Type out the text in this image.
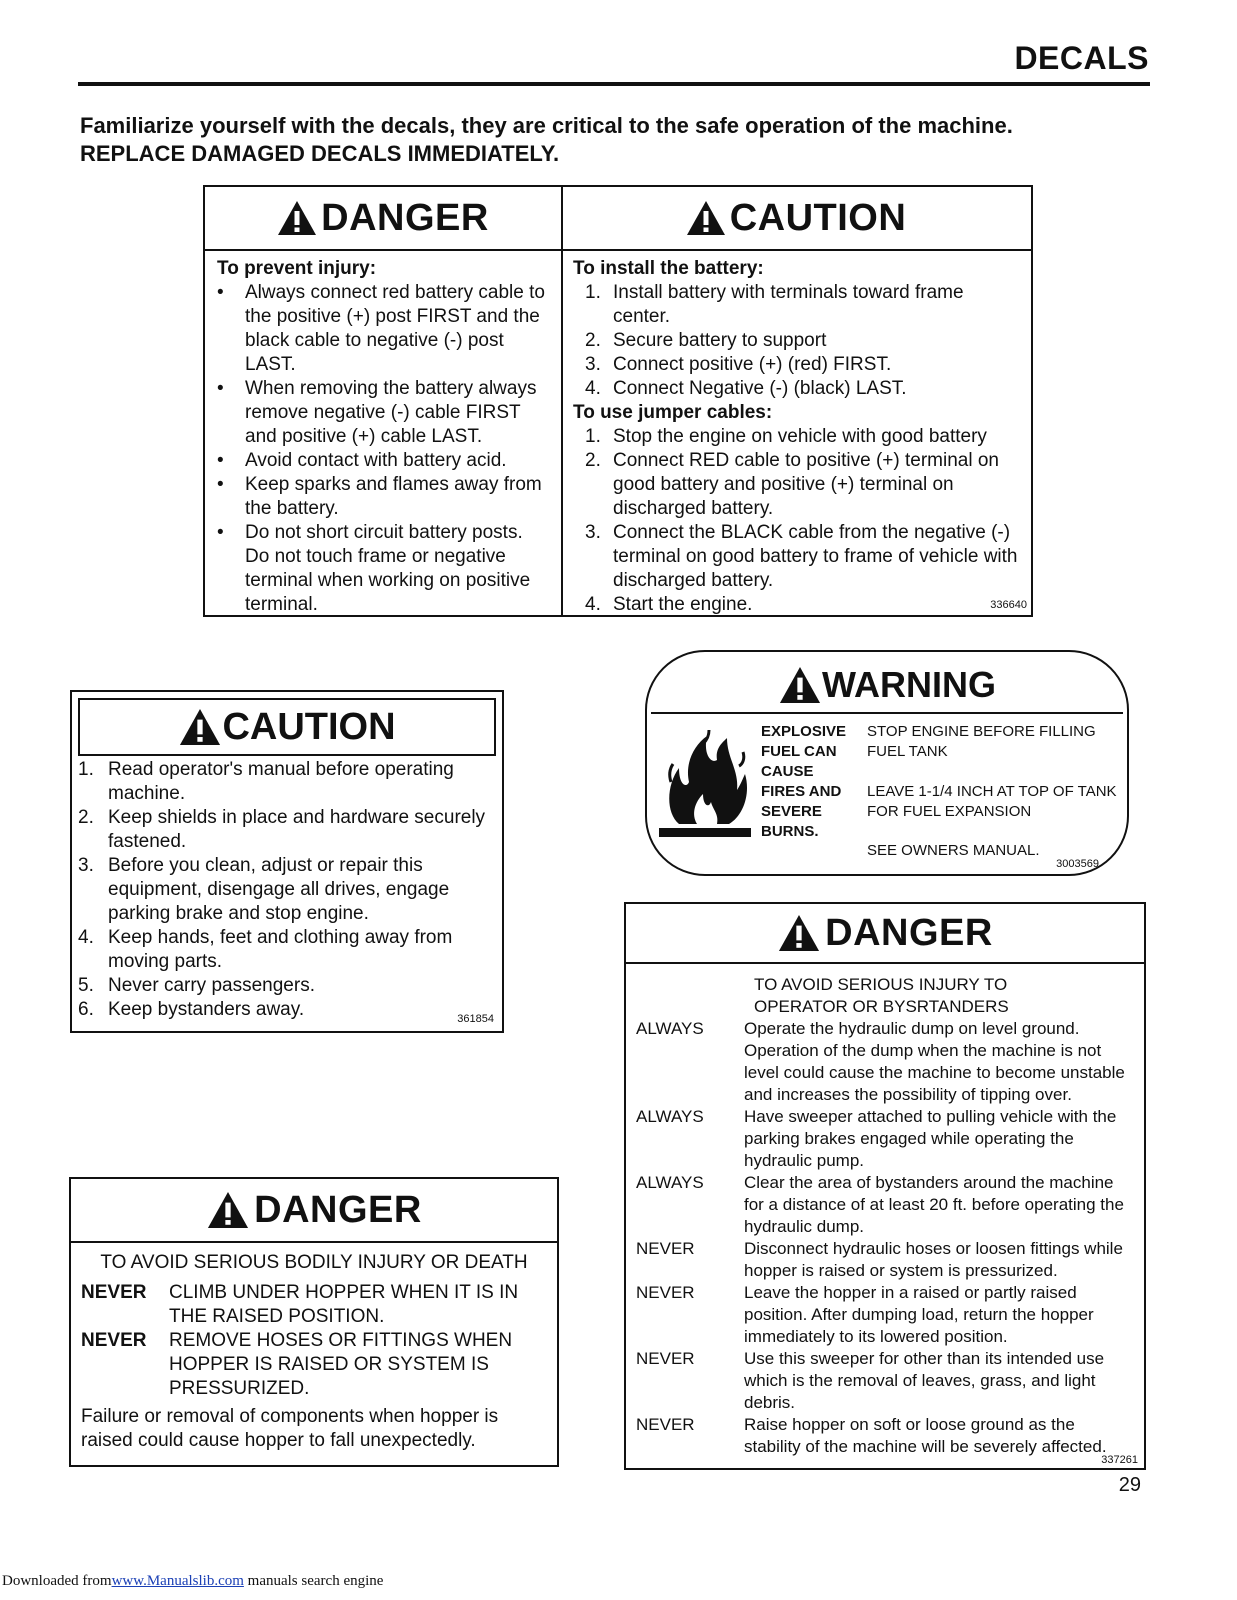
DECALS
Familiarize yourself with the decals, they are critical to the safe operation of the machine.
REPLACE DAMAGED DECALS IMMEDIATELY.
DANGER
To prevent injury:
•	Always connect red battery cable to the positive (+) post FIRST and the black cable to negative (-) post LAST.
•	When removing the battery always remove negative (-) cable FIRST and positive (+) cable LAST.
•	Avoid contact with battery acid.
•	Keep sparks and flames away from the battery.
•	Do not short circuit battery posts. Do not touch frame or negative terminal when working on positive terminal.
CAUTION
To install the battery:
1. Install battery with terminals toward frame center.
2. Secure battery to support
3. Connect positive (+) (red) FIRST.
4. Connect Negative (-) (black) LAST.
To use jumper cables:
1. Stop the engine on vehicle with good battery
2. Connect RED cable to positive (+) terminal on good battery and positive (+) terminal on discharged battery.
3. Connect the BLACK cable from the negative (-) terminal on good battery to frame of vehicle with discharged battery.
4. Start the engine.	336640
CAUTION
1. Read operator's manual before operating machine.
2. Keep shields in place and hardware securely fastened.
3. Before you clean, adjust or repair this equipment, disengage all drives, engage parking brake and stop engine.
4. Keep hands, feet and clothing away from moving parts.
5. Never carry passengers.
6. Keep bystanders away.	361854
WARNING
EXPLOSIVE
FUEL CAN
CAUSE
FIRES AND
SEVERE
BURNS.
STOP ENGINE BEFORE FILLING FUEL TANK
LEAVE 1-1/4 INCH AT TOP OF TANK FOR FUEL EXPANSION
SEE OWNERS MANUAL.
3003569
DANGER
TO AVOID SERIOUS BODILY INJURY OR DEATH
NEVER	CLIMB UNDER HOPPER WHEN IT IS IN THE RAISED POSITION.
NEVER	REMOVE HOSES OR FITTINGS WHEN HOPPER IS RAISED OR SYSTEM IS PRESSURIZED.
Failure or removal of components when hopper is raised could cause hopper to fall unexpectedly.
DANGER
TO AVOID SERIOUS INJURY TO
OPERATOR OR BYSRTANDERS
ALWAYS	Operate the hydraulic dump on level ground. Operation of the dump when the machine is not level could cause the machine to become unstable and increases the possibility of tipping over.
ALWAYS	Have sweeper attached to pulling vehicle with the parking brakes engaged while operating the hydraulic pump.
ALWAYS	Clear the area of bystanders around the machine for a distance of at least 20 ft. before operating the hydraulic dump.
NEVER	Disconnect hydraulic hoses or loosen fittings while hopper is raised or system is pressurized.
NEVER	Leave the hopper in a raised or partly raised position. After dumping load, return the hopper immediately to its lowered position.
NEVER	Use this sweeper for other than its intended use which is the removal of leaves, grass, and light debris.
NEVER	Raise hopper on soft or loose ground as the stability of the machine will be severely affected.
337261
29
Downloaded fromwww.Manualslib.com manuals search engine
